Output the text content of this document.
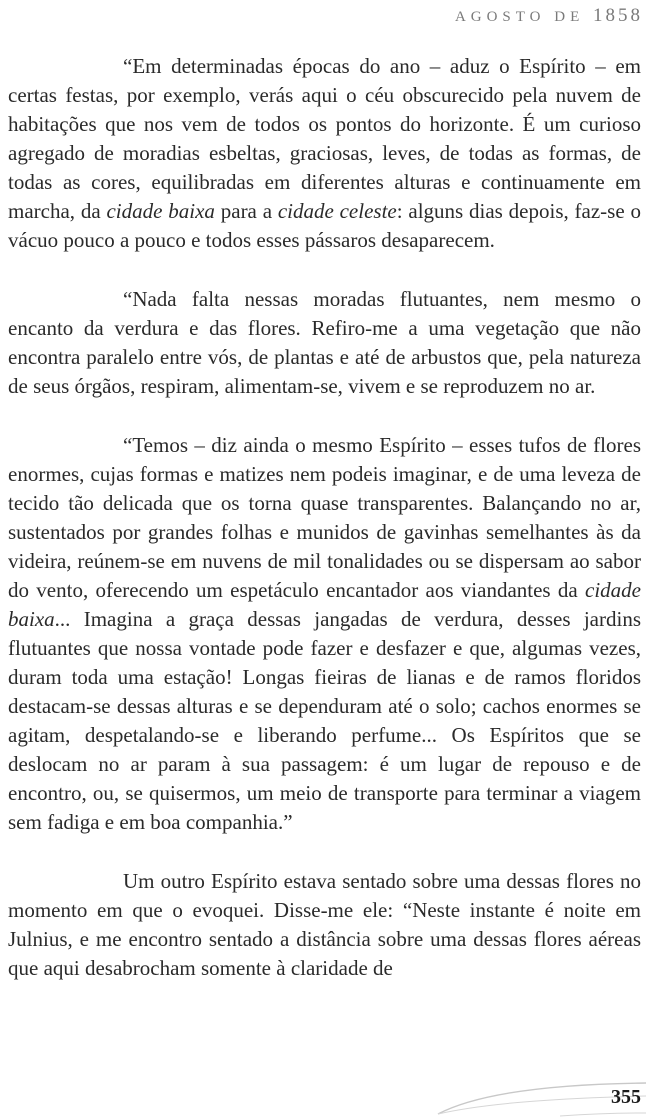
AGOSTO DE 1858

“Em determinadas épocas do ano – aduz o Espírito – em certas festas, por exemplo, verás aqui o céu obscurecido pela nuvem de habitações que nos vem de todos os pontos do horizonte. É um curioso agregado de moradias esbeltas, graciosas, leves, de todas as formas, de todas as cores, equilibradas em diferentes alturas e continuamente em marcha, da cidade baixa para a cidade celeste: alguns dias depois, faz-se o vácuo pouco a pouco e todos esses pássaros desaparecem.

“Nada falta nessas moradas flutuantes, nem mesmo o encanto da verdura e das flores. Refiro-me a uma vegetação que não encontra paralelo entre vós, de plantas e até de arbustos que, pela natureza de seus órgãos, respiram, alimentam-se, vivem e se reproduzem no ar.

“Temos – diz ainda o mesmo Espírito – esses tufos de flores enormes, cujas formas e matizes nem podeis imaginar, e de uma leveza de tecido tão delicada que os torna quase transparentes. Balançando no ar, sustentados por grandes folhas e munidos de gavinhas semelhantes às da videira, reúnem-se em nuvens de mil tonalidades ou se dispersam ao sabor do vento, oferecendo um espetáculo encantador aos viandantes da cidade baixa... Imagina a graça dessas jangadas de verdura, desses jardins flutuantes que nossa vontade pode fazer e desfazer e que, algumas vezes, duram toda uma estação! Longas fieiras de lianas e de ramos floridos destacam-se dessas alturas e se dependuram até o solo; cachos enormes se agitam, despetalando-se e liberando perfume... Os Espíritos que se deslocam no ar param à sua passagem: é um lugar de repouso e de encontro, ou, se quisermos, um meio de transporte para terminar a viagem sem fadiga e em boa companhia.”

Um outro Espírito estava sentado sobre uma dessas flores no momento em que o evoquei. Disse-me ele: “Neste instante é noite em Julnius, e me encontro sentado a distância sobre uma dessas flores aéreas que aqui desabrocham somente à claridade de

355
